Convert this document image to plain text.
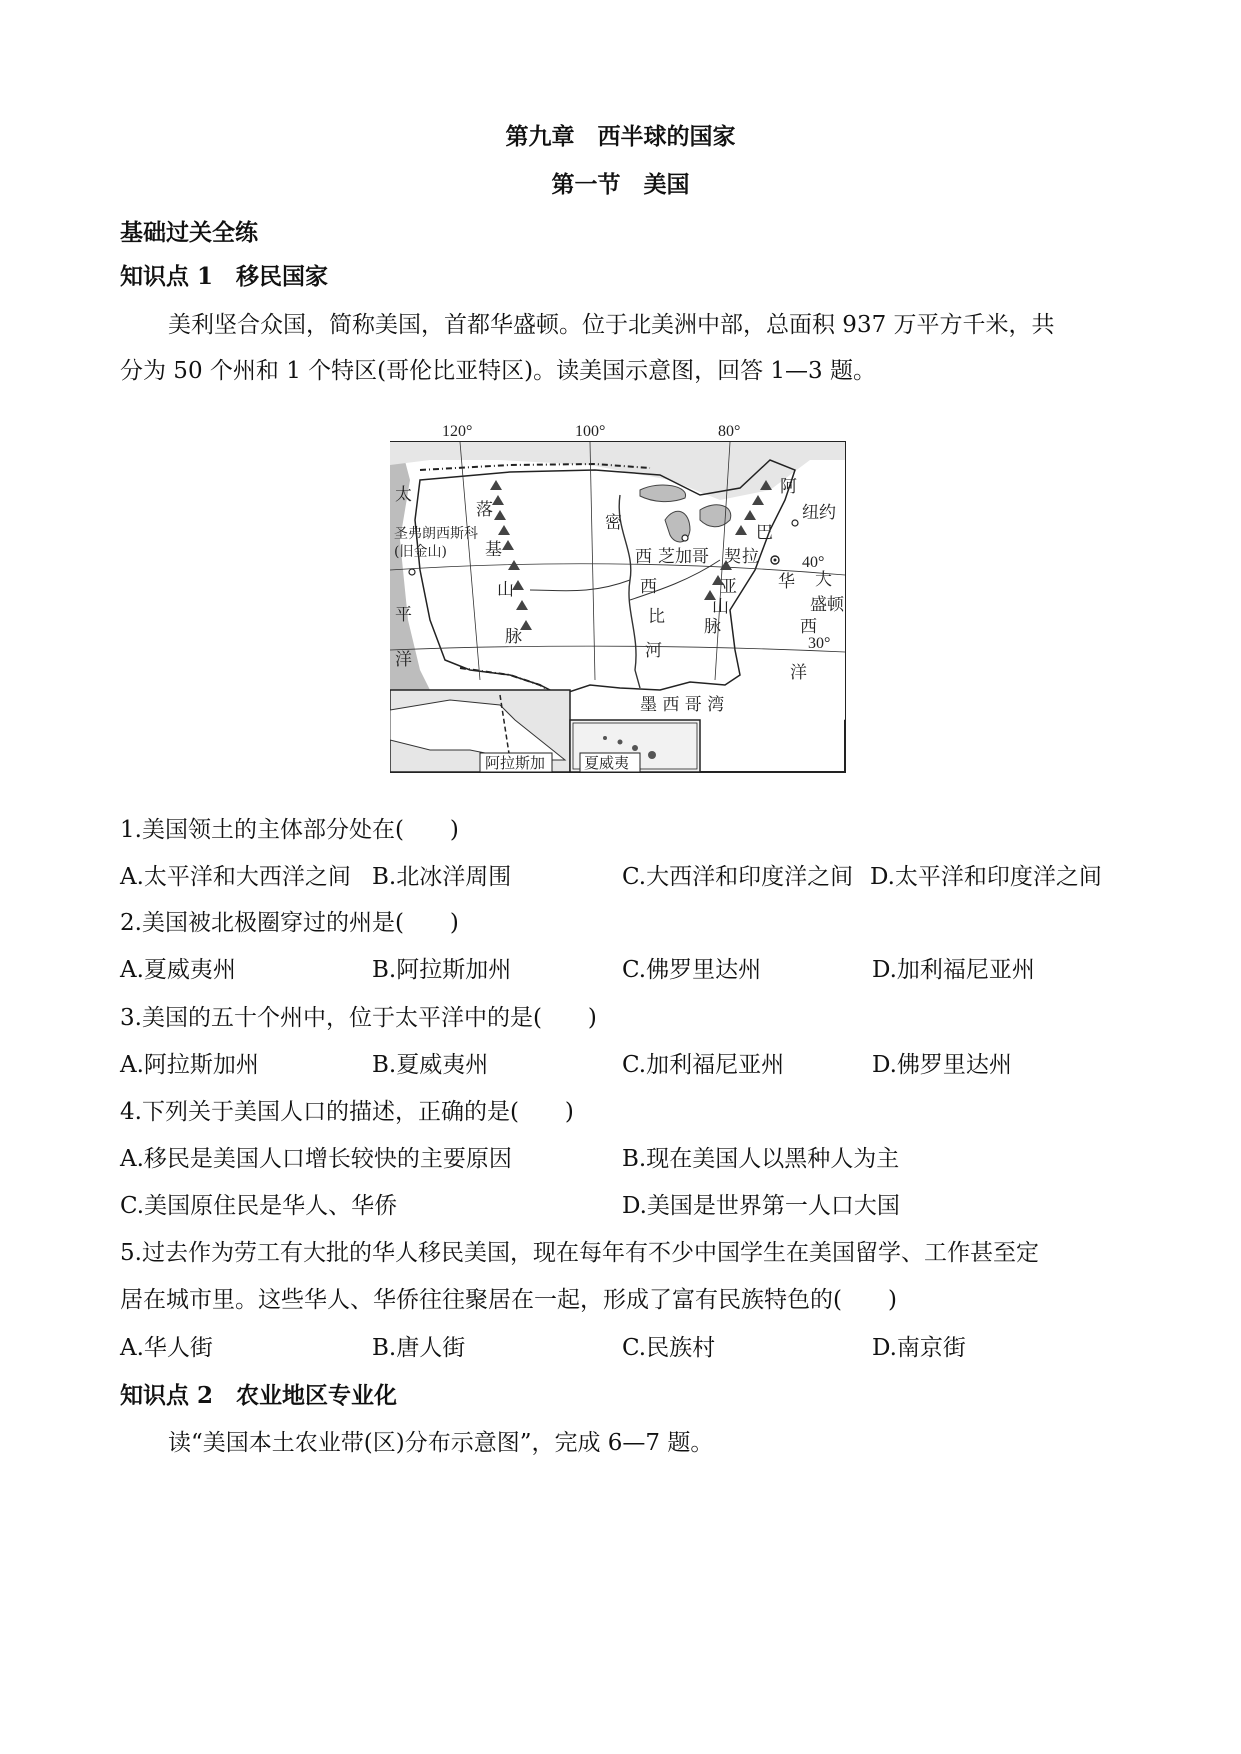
第九章　西半球的国家
第一节　美国
基础过关全练
知识点 1　移民国家
美利坚合众国，简称美国，首都华盛顿。位于北美洲中部，总面积 937 万平方千米，共
分为 50 个州和 1 个特区(哥伦比亚特区)。读美国示意图，回答 1—3 题。
120°	100°	80°
太
平
洋
大
西
洋
落
基
山
脉
密
西
西
比
河
阿
巴
拉
契
亚
山
脉
圣弗朗西斯科
(旧金山)	芝加哥
纽约
华
盛顿
墨 西 哥 湾
阿拉斯加	夏威夷
40°
30°
1.美国领土的主体部分处在(　　)
A.太平洋和大西洋之间 B.北冰洋周围	C.大西洋和印度洋之间 D.太平洋和印度洋之间
2.美国被北极圈穿过的州是(　　)
A.夏威夷州	B.阿拉斯加州	C.佛罗里达州	D.加利福尼亚州
3.美国的五十个州中，位于太平洋中的是(　　)
A.阿拉斯加州	B.夏威夷州	C.加利福尼亚州	D.佛罗里达州
4.下列关于美国人口的描述，正确的是(　　)
A.移民是美国人口增长较快的主要原因	B.现在美国人以黑种人为主
C.美国原住民是华人、华侨	D.美国是世界第一人口大国
5.过去作为劳工有大批的华人移民美国，现在每年有不少中国学生在美国留学、工作甚至定
居在城市里。这些华人、华侨往往聚居在一起，形成了富有民族特色的(　　)
A.华人街	B.唐人街	C.民族村	D.南京街
知识点 2　农业地区专业化
读“美国本土农业带(区)分布示意图”，完成 6—7 题。
